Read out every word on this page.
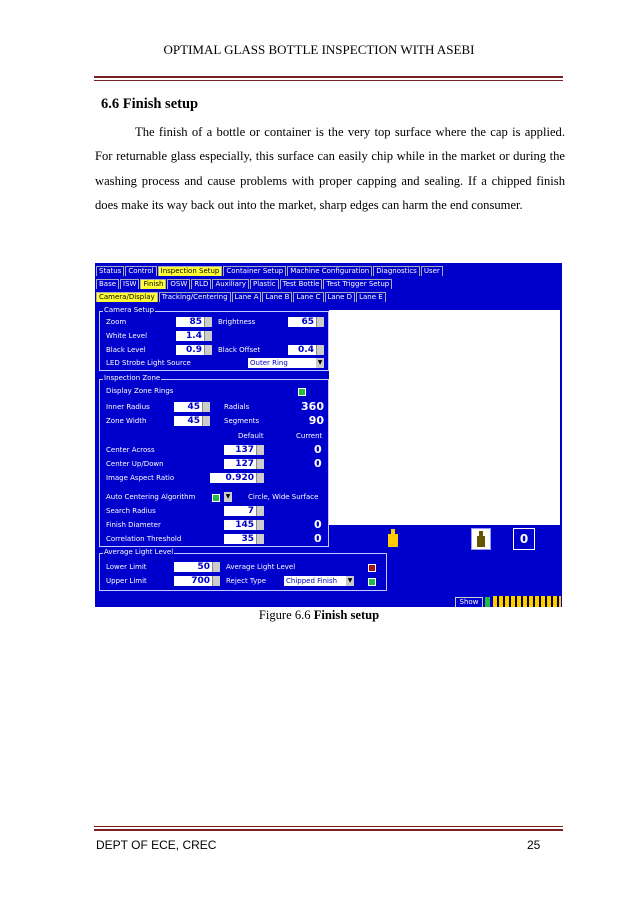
OPTIMAL GLASS BOTTLE INSPECTION WITH ASEBI
6.6 Finish setup

The finish of a bottle or container is the very top surface where the cap is applied. For returnable glass especially, this surface can easily chip while in the market or during the washing process and cause problems with proper capping and sealing. If a chipped finish does make its way back out into the market, sharp edges can harm the end consumer.

Status	Control	Inspection Setup	Container Setup	Machine Configuration	Diagnostics	User
Base	ISW	Finish	OSW	RLD	Auxiliary	Plastic	Test Bottle	Test Trigger Setup
Camera/Display	Tracking/Centering	Lane A	Lane B	Lane C	Lane D	Lane E
Camera Setup
Zoom	85	Brightness	65
White Level	1.4
Black Level	0.9	Black Offset	0.4
LED Strobe Light Source	Outer Ring	▼
Inspection Zone
Display Zone Rings
Inner Radius	45	Radials	360
Zone Width	45	Segments	90
Default	Current
Center Across	137	0
Center Up/Down	127	0
Image Aspect Ratio	0.920
Auto Centering Algorithm	▼	Circle, Wide Surface
Search Radius	7
Finish Diameter	145	0
Correlation Threshold	35	0
Average Light Level
Lower Limit	50	Average Light Level
Upper Limit	700	Reject Type	Chipped Finish ▼
0
Show
Figure 6.6 Finish setup
DEPT OF ECE, CREC	25
